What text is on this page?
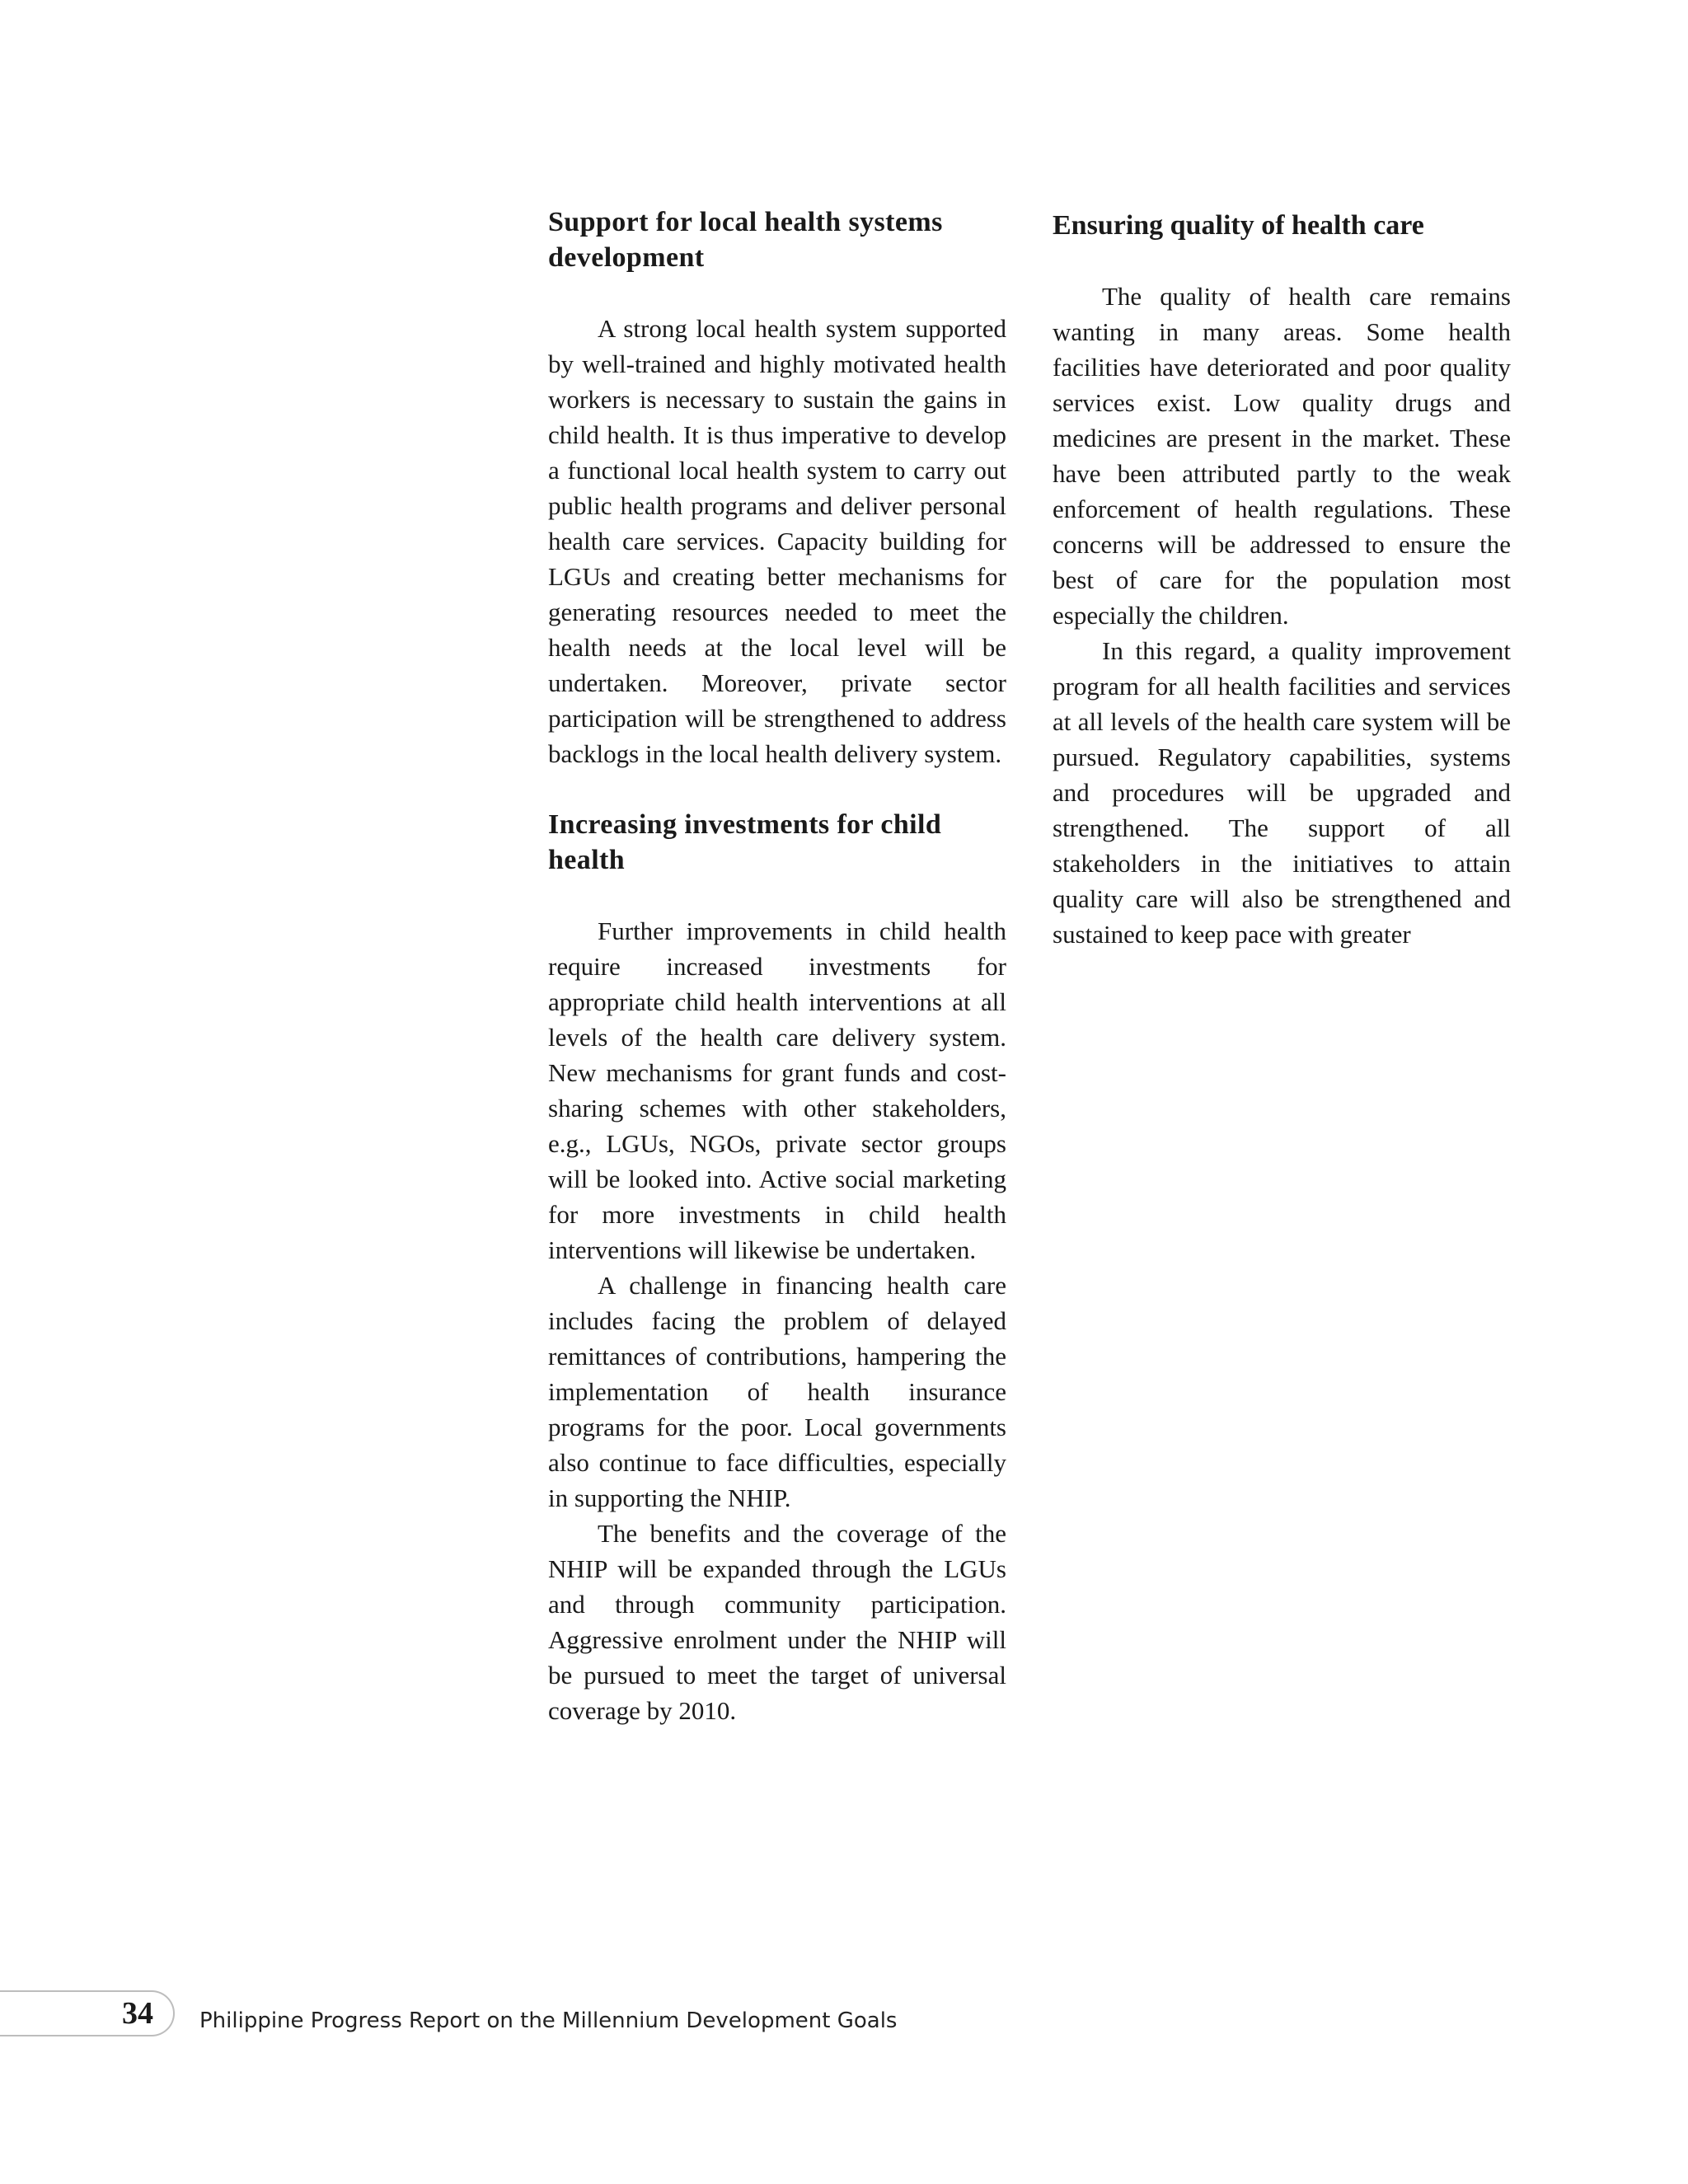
Support for local health systems development

A strong local health system supported by well-trained and highly motivated health workers is necessary to sustain the gains in child health. It is thus imperative to develop a functional local health system to carry out public health programs and deliver personal health care services. Capacity building for LGUs and creating better mechanisms for generating resources needed to meet the health needs at the local level will be undertaken. Moreover, private sector participation will be strengthened to address backlogs in the local health delivery system.

Increasing investments for child health

Further improvements in child health require increased investments for appropriate child health interventions at all levels of the health care delivery system. New mechanisms for grant funds and cost-sharing schemes with other stakeholders, e.g., LGUs, NGOs, private sector groups will be looked into. Active social marketing for more investments in child health interventions will likewise be undertaken.

A challenge in financing health care includes facing the problem of delayed remittances of contributions, hampering the implementation of health insurance programs for the poor. Local governments also continue to face difficulties, especially in supporting the NHIP.

The benefits and the coverage of the NHIP will be expanded through the LGUs and through community participation. Aggressive enrolment under the NHIP will be pursued to meet the target of universal coverage by 2010.

Ensuring quality of health care

The quality of health care remains wanting in many areas. Some health facilities have deteriorated and poor quality services exist. Low quality drugs and medicines are present in the market. These have been attributed partly to the weak enforcement of health regulations. These concerns will be addressed to ensure the best of care for the population most especially the children.

In this regard, a quality improvement program for all health facilities and services at all levels of the health care system will be pursued. Regulatory capabilities, systems and procedures will be upgraded and strengthened. The support of all stakeholders in the initiatives to attain quality care will also be strengthened and sustained to keep pace with greater

34 Philippine Progress Report on the Millennium Development Goals
